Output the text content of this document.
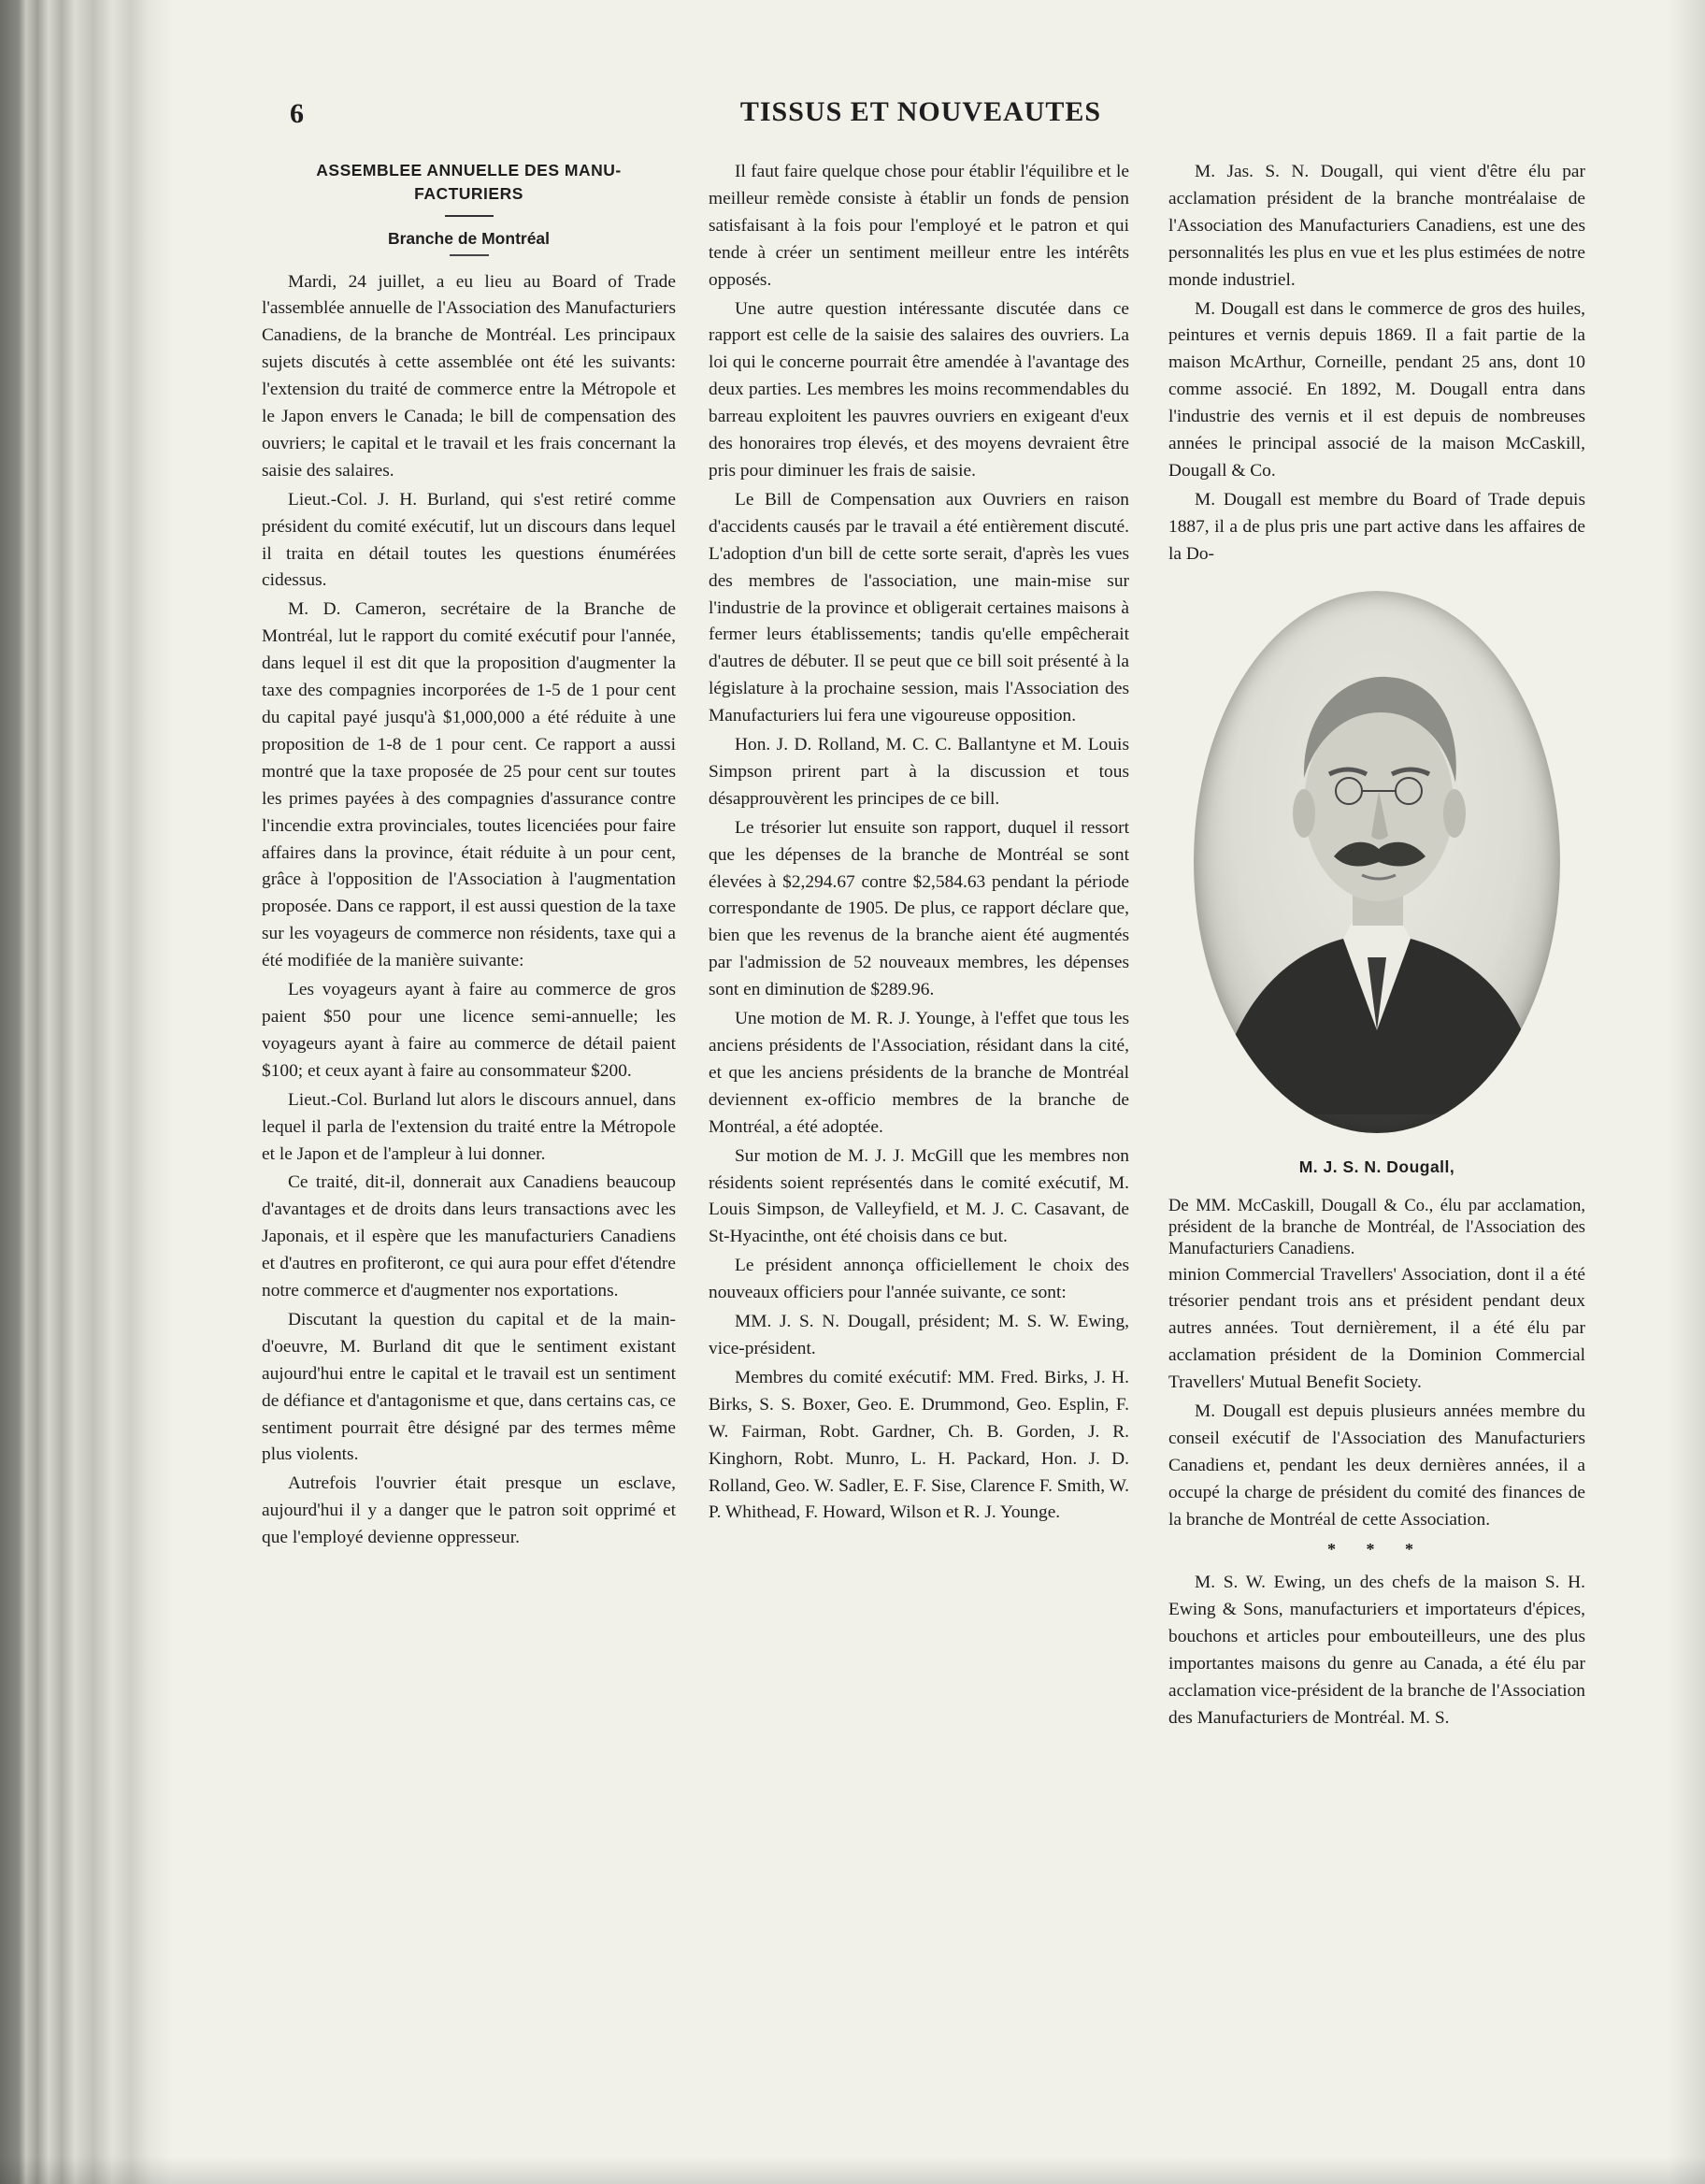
6	TISSUS ET NOUVEAUTES
ASSEMBLEE ANNUELLE DES MANU-FACTURIERS
Branche de Montréal

Mardi, 24 juillet, a eu lieu au Board of Trade l'assemblée annuelle de l'Association des Manufacturiers Canadiens, de la branche de Montréal. Les principaux sujets discutés à cette assemblée ont été les suivants: l'extension du traité de commerce entre la Métropole et le Japon envers le Canada; le bill de compensation des ouvriers; le capital et le travail et les frais concernant la saisie des salaires.

Lieut.-Col. J. H. Burland, qui s'est retiré comme président du comité exécutif, lut un discours dans lequel il traita en détail toutes les questions énumérées cidessus.

M. D. Cameron, secrétaire de la Branche de Montréal, lut le rapport du comité exécutif pour l'année, dans lequel il est dit que la proposition d'augmenter la taxe des compagnies incorporées de 1-5 de 1 pour cent du capital payé jusqu'à $1,000,000 a été réduite à une proposition de 1-8 de 1 pour cent. Ce rapport a aussi montré que la taxe proposée de 25 pour cent sur toutes les primes payées à des compagnies d'assurance contre l'incendie extra provinciales, toutes licenciées pour faire affaires dans la province, était réduite à un pour cent, grâce à l'opposition de l'Association à l'augmentation proposée. Dans ce rapport, il est aussi question de la taxe sur les voyageurs de commerce non résidents, taxe qui a été modifiée de la manière suivante:

Les voyageurs ayant à faire au commerce de gros paient $50 pour une licence semi-annuelle; les voyageurs ayant à faire au commerce de détail paient $100; et ceux ayant à faire au consommateur $200.

Lieut.-Col. Burland lut alors le discours annuel, dans lequel il parla de l'extension du traité entre la Métropole et le Japon et de l'ampleur à lui donner.

Ce traité, dit-il, donnerait aux Canadiens beaucoup d'avantages et de droits dans leurs transactions avec les Japonais, et il espère que les manufacturiers Canadiens et d'autres en profiteront, ce qui aura pour effet d'étendre notre commerce et d'augmenter nos exportations.

Discutant la question du capital et de la main-d'oeuvre, M. Burland dit que le sentiment existant aujourd'hui entre le capital et le travail est un sentiment de défiance et d'antagonisme et que, dans certains cas, ce sentiment pourrait être désigné par des termes même plus violents.

Autrefois l'ouvrier était presque un esclave, aujourd'hui il y a danger que le patron soit opprimé et que l'employé devienne oppresseur.

Il faut faire quelque chose pour établir l'équilibre et le meilleur remède consiste à établir un fonds de pension satisfaisant à la fois pour l'employé et le patron et qui tende à créer un sentiment meilleur entre les intérêts opposés.

Une autre question intéressante discutée dans ce rapport est celle de la saisie des salaires des ouvriers. La loi qui le concerne pourrait être amendée à l'avantage des deux parties. Les membres les moins recommendables du barreau exploitent les pauvres ouvriers en exigeant d'eux des honoraires trop élevés, et des moyens devraient être pris pour diminuer les frais de saisie.

Le Bill de Compensation aux Ouvriers en raison d'accidents causés par le travail a été entièrement discuté. L'adoption d'un bill de cette sorte serait, d'après les vues des membres de l'association, une main-mise sur l'industrie de la province et obligerait certaines maisons à fermer leurs établissements; tandis qu'elle empêcherait d'autres de débuter. Il se peut que ce bill soit présenté à la législature à la prochaine session, mais l'Association des Manufacturiers lui fera une vigoureuse opposition.

Hon. J. D. Rolland, M. C. C. Ballantyne et M. Louis Simpson prirent part à la discussion et tous désapprouvèrent les principes de ce bill.

Le trésorier lut ensuite son rapport, duquel il ressort que les dépenses de la branche de Montréal se sont élevées à $2,294.67 contre $2,584.63 pendant la période correspondante de 1905. De plus, ce rapport déclare que, bien que les revenus de la branche aient été augmentés par l'admission de 52 nouveaux membres, les dépenses sont en diminution de $289.96.

Une motion de M. R. J. Younge, à l'effet que tous les anciens présidents de l'Association, résidant dans la cité, et que les anciens présidents de la branche de Montréal deviennent ex-officio membres de la branche de Montréal, a été adoptée.

Sur motion de M. J. J. McGill que les membres non résidents soient représentés dans le comité exécutif, M. Louis Simpson, de Valleyfield, et M. J. C. Casavant, de St-Hyacinthe, ont été choisis dans ce but.

Le président annonça officiellement le choix des nouveaux officiers pour l'année suivante, ce sont:

MM. J. S. N. Dougall, président; M. S. W. Ewing, vice-président.

Membres du comité exécutif: MM. Fred. Birks, J. H. Birks, S. S. Boxer, Geo. E. Drummond, Geo. Esplin, F. W. Fairman, Robt. Gardner, Ch. B. Gorden, J. R. Kinghorn, Robt. Munro, L. H. Packard, Hon. J. D. Rolland, Geo. W. Sadler, E. F. Sise, Clarence F. Smith, W. P. Whithead, F. Howard, Wilson et R. J. Younge.

M. Jas. S. N. Dougall, qui vient d'être élu par acclamation président de la branche montréalaise de l'Association des Manufacturiers Canadiens, est une des personnalités les plus en vue et les plus estimées de notre monde industriel.

M. Dougall est dans le commerce de gros des huiles, peintures et vernis depuis 1869. Il a fait partie de la maison McArthur, Corneille, pendant 25 ans, dont 10 comme associé. En 1892, M. Dougall entra dans l'industrie des vernis et il est depuis de nombreuses années le principal associé de la maison McCaskill, Dougall & Co.

M. Dougall est membre du Board of Trade depuis 1887, il a de plus pris une part active dans les affaires de la Do-

M. J. S. N. Dougall,

De MM. McCaskill, Dougall & Co., élu par acclamation, président de la branche de Montréal, de l'Association des Manufacturiers Canadiens.

minion Commercial Travellers' Association, dont il a été trésorier pendant trois ans et président pendant deux autres années. Tout dernièrement, il a été élu par acclamation président de la Dominion Commercial Travellers' Mutual Benefit Society.

M. Dougall est depuis plusieurs années membre du conseil exécutif de l'Association des Manufacturiers Canadiens et, pendant les deux dernières années, il a occupé la charge de président du comité des finances de la branche de Montréal de cette Association.

* * *

M. S. W. Ewing, un des chefs de la maison S. H. Ewing & Sons, manufacturiers et importateurs d'épices, bouchons et articles pour embouteilleurs, une des plus importantes maisons du genre au Canada, a été élu par acclamation vice-président de la branche de l'Association des Manufacturiers de Montréal. M. S.
